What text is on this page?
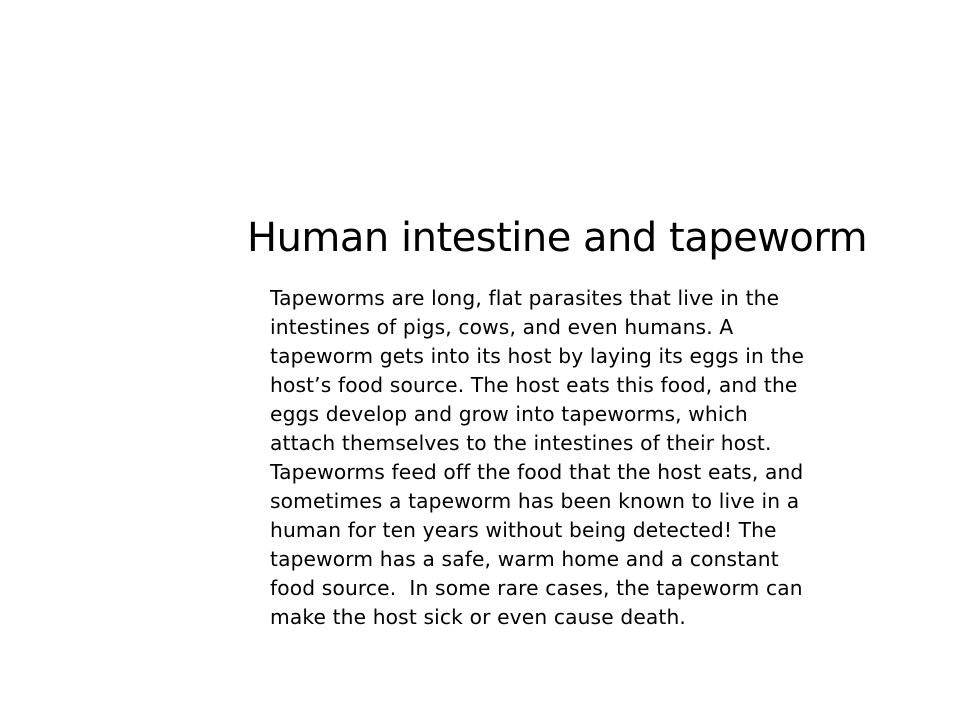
Human intestine and tapeworm
Tapeworms are long, flat parasites that live in the
intestines of pigs, cows, and even humans. A
tapeworm gets into its host by laying its eggs in the
host’s food source. The host eats this food, and the
eggs develop and grow into tapeworms, which
attach themselves to the intestines of their host.
Tapeworms feed off the food that the host eats, and
sometimes a tapeworm has been known to live in a
human for ten years without being detected! The
tapeworm has a safe, warm home and a constant
food source.  In some rare cases, the tapeworm can
make the host sick or even cause death.
